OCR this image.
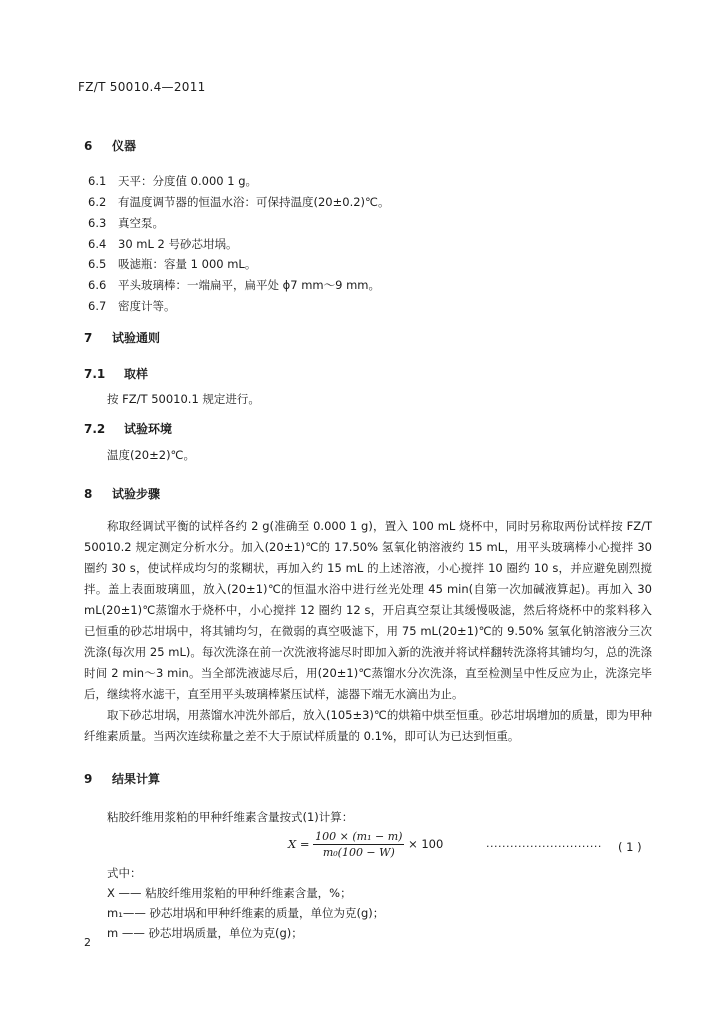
FZ/T 50010.4—2011
6 仪器
6.1 天平：分度值 0.000 1 g。
6.2 有温度调节器的恒温水浴：可保持温度(20±0.2)℃。
6.3 真空泵。
6.4 30 mL 2 号砂芯坩埚。
6.5 吸滤瓶：容量 1 000 mL。
6.6 平头玻璃棒：一端扁平，扁平处 ϕ7 mm～9 mm。
6.7 密度计等。
7 试验通则
7.1 取样
按 FZ/T 50010.1 规定进行。
7.2 试验环境
温度(20±2)℃。
8 试验步骤

称取经调试平衡的试样各约 2 g(准确至 0.000 1 g)，置入 100 mL 烧杯中，同时另称取两份试样按 FZ/T 50010.2 规定测定分析水分。加入(20±1)℃的 17.50% 氢氧化钠溶液约 15 mL，用平头玻璃棒小心搅拌 30 圈约 30 s，使试样成均匀的浆糊状，再加入约 15 mL 的上述溶液，小心搅拌 10 圈约 10 s，并应避免剧烈搅拌。盖上表面玻璃皿，放入(20±1)℃的恒温水浴中进行丝光处理 45 min(自第一次加碱液算起)。再加入 30 mL(20±1)℃蒸馏水于烧杯中，小心搅拌 12 圈约 12 s，开启真空泵让其缓慢吸滤，然后将烧杯中的浆料移入已恒重的砂芯坩埚中，将其铺均匀，在微弱的真空吸滤下，用 75 mL(20±1)℃的 9.50% 氢氧化钠溶液分三次洗涤(每次用 25 mL)。每次洗涤在前一次洗液将滤尽时即加入新的洗液并将试样翻转洗涤将其铺均匀，总的洗涤时间 2 min～3 min。当全部洗液滤尽后，用(20±1)℃蒸馏水分次洗涤，直至检测呈中性反应为止，洗涤完毕后，继续将水滤干，直至用平头玻璃棒紧压试样，滤器下端无水滴出为止。

取下砂芯坩埚，用蒸馏水冲洗外部后，放入(105±3)℃的烘箱中烘至恒重。砂芯坩埚增加的质量，即为甲种纤维素质量。当两次连续称量之差不大于原试样质量的 0.1%，即可认为已达到恒重。

9 结果计算
粘胶纤维用浆粕的甲种纤维素含量按式(1)计算：
$X = \frac{\text{100 × (m₁ − m)}}{\text{m₀(100 − W)}} \times 100$	····························· ( 1 )
式中：
X —— 粘胶纤维用浆粕的甲种纤维素含量，%；
m₁—— 砂芯坩埚和甲种纤维素的质量，单位为克(g)；
m —— 砂芯坩埚质量，单位为克(g)；
2
